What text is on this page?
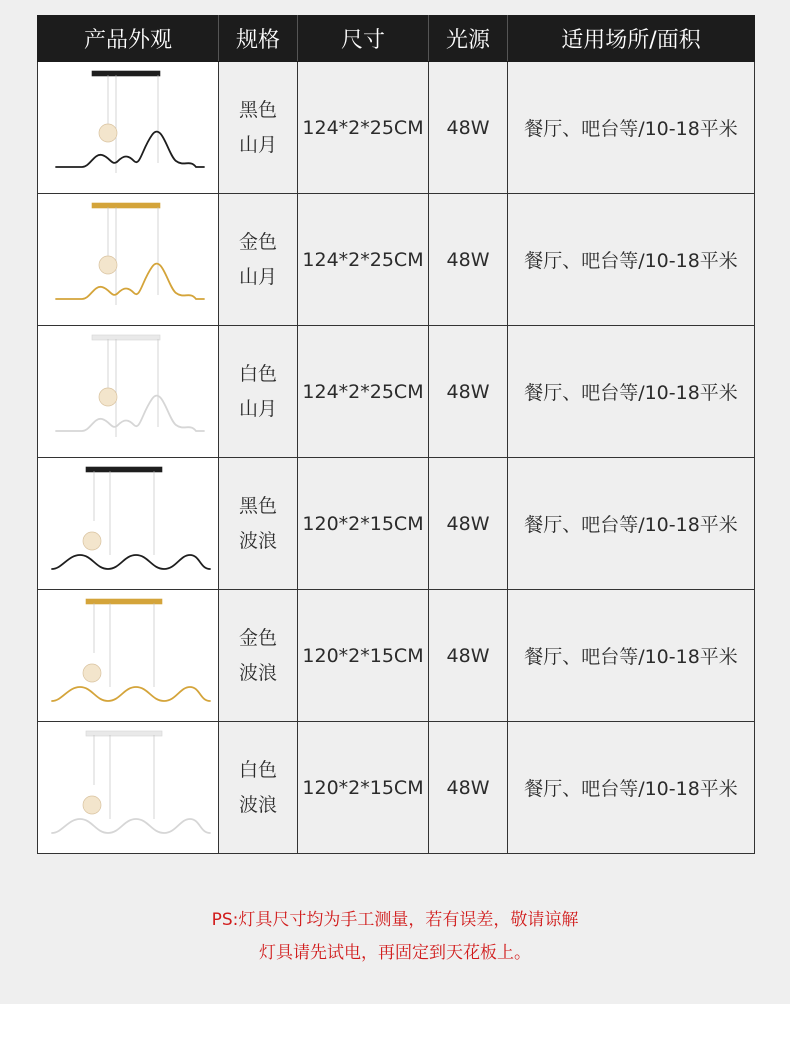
产品外观	规格	尺寸	光源	适用场所/面积

黑色
山月	124*2*25CM	48W	餐厅、吧台等/10-18平米

金色
山月	124*2*25CM	48W	餐厅、吧台等/10-18平米

白色
山月	124*2*25CM	48W	餐厅、吧台等/10-18平米

黑色
波浪	120*2*15CM	48W	餐厅、吧台等/10-18平米

金色
波浪	120*2*15CM	48W	餐厅、吧台等/10-18平米

白色
波浪	120*2*15CM	48W	餐厅、吧台等/10-18平米
PS:灯具尺寸均为手工测量，若有误差，敬请谅解
灯具请先试电，再固定到天花板上。
